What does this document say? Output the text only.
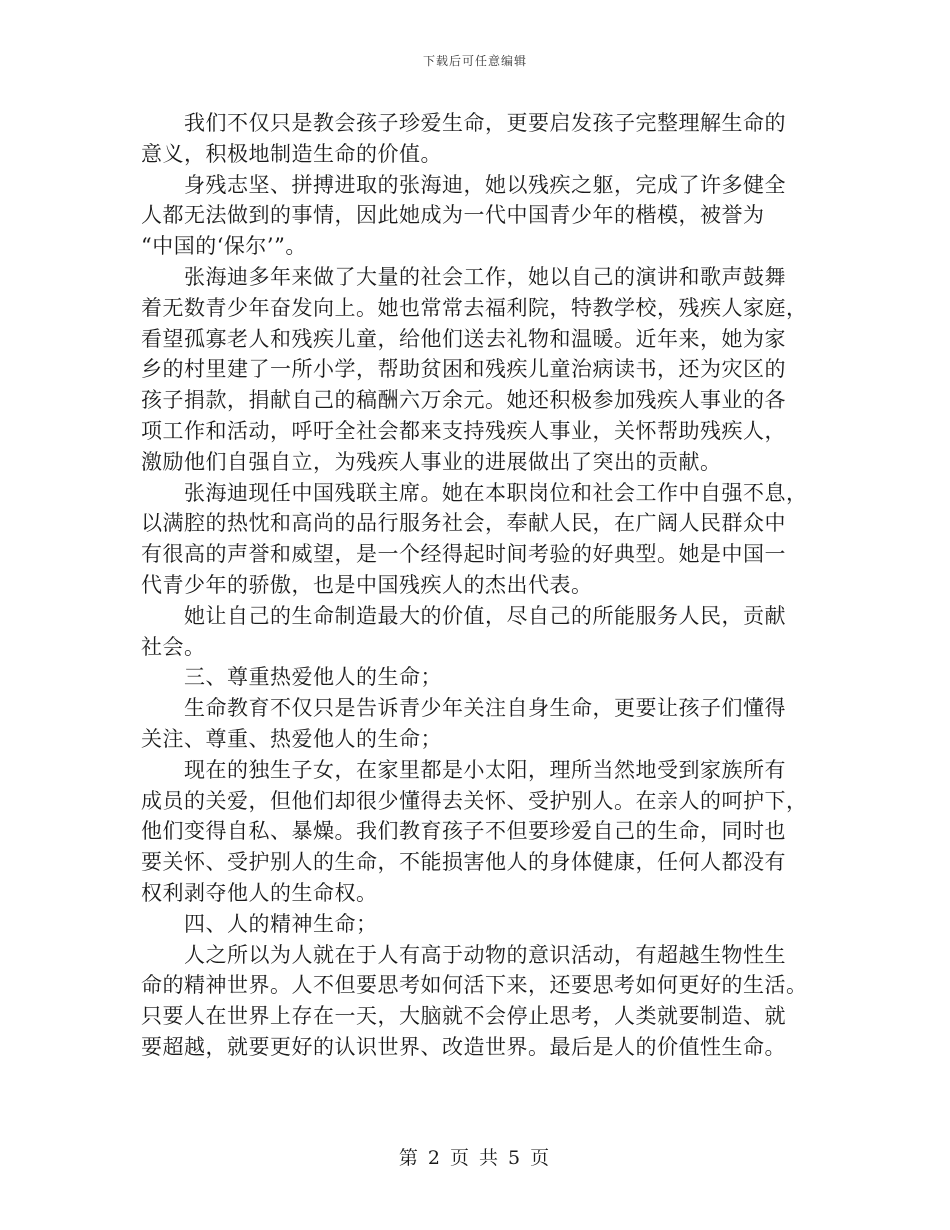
下载后可任意编辑
　　我们不仅只是教会孩子珍爱生命，更要启发孩子完整理解生命的
意义，积极地制造生命的价值。
　　身残志坚、拼搏进取的张海迪，她以残疾之躯，完成了许多健全
人都无法做到的事情，因此她成为一代中国青少年的楷模，被誉为
“中国的‘保尔’”。
　　张海迪多年来做了大量的社会工作，她以自己的演讲和歌声鼓舞
着无数青少年奋发向上。她也常常去福利院，特教学校，残疾人家庭，
看望孤寡老人和残疾儿童，给他们送去礼物和温暖。近年来，她为家
乡的村里建了一所小学，帮助贫困和残疾儿童治病读书，还为灾区的
孩子捐款，捐献自己的稿酬六万余元。她还积极参加残疾人事业的各
项工作和活动，呼吁全社会都来支持残疾人事业，关怀帮助残疾人，
激励他们自强自立，为残疾人事业的进展做出了突出的贡献。
　　张海迪现任中国残联主席。她在本职岗位和社会工作中自强不息，
以满腔的热忱和高尚的品行服务社会，奉献人民，在广阔人民群众中
有很高的声誉和威望，是一个经得起时间考验的好典型。她是中国一
代青少年的骄傲，也是中国残疾人的杰出代表。
　　她让自己的生命制造最大的价值，尽自己的所能服务人民，贡献
社会。
　　三、尊重热爱他人的生命；
　　生命教育不仅只是告诉青少年关注自身生命，更要让孩子们懂得
关注、尊重、热爱他人的生命；
　　现在的独生子女，在家里都是小太阳，理所当然地受到家族所有
成员的关爱，但他们却很少懂得去关怀、受护别人。在亲人的呵护下，
他们变得自私、暴燥。我们教育孩子不但要珍爱自己的生命，同时也
要关怀、受护别人的生命，不能损害他人的身体健康，任何人都没有
权利剥夺他人的生命权。
　　四、人的精神生命；
　　人之所以为人就在于人有高于动物的意识活动，有超越生物性生
命的精神世界。人不但要思考如何活下来，还要思考如何更好的生活。
只要人在世界上存在一天，大脑就不会停止思考，人类就要制造、就
要超越，就要更好的认识世界、改造世界。最后是人的价值性生命。
第 2 页 共 5 页
